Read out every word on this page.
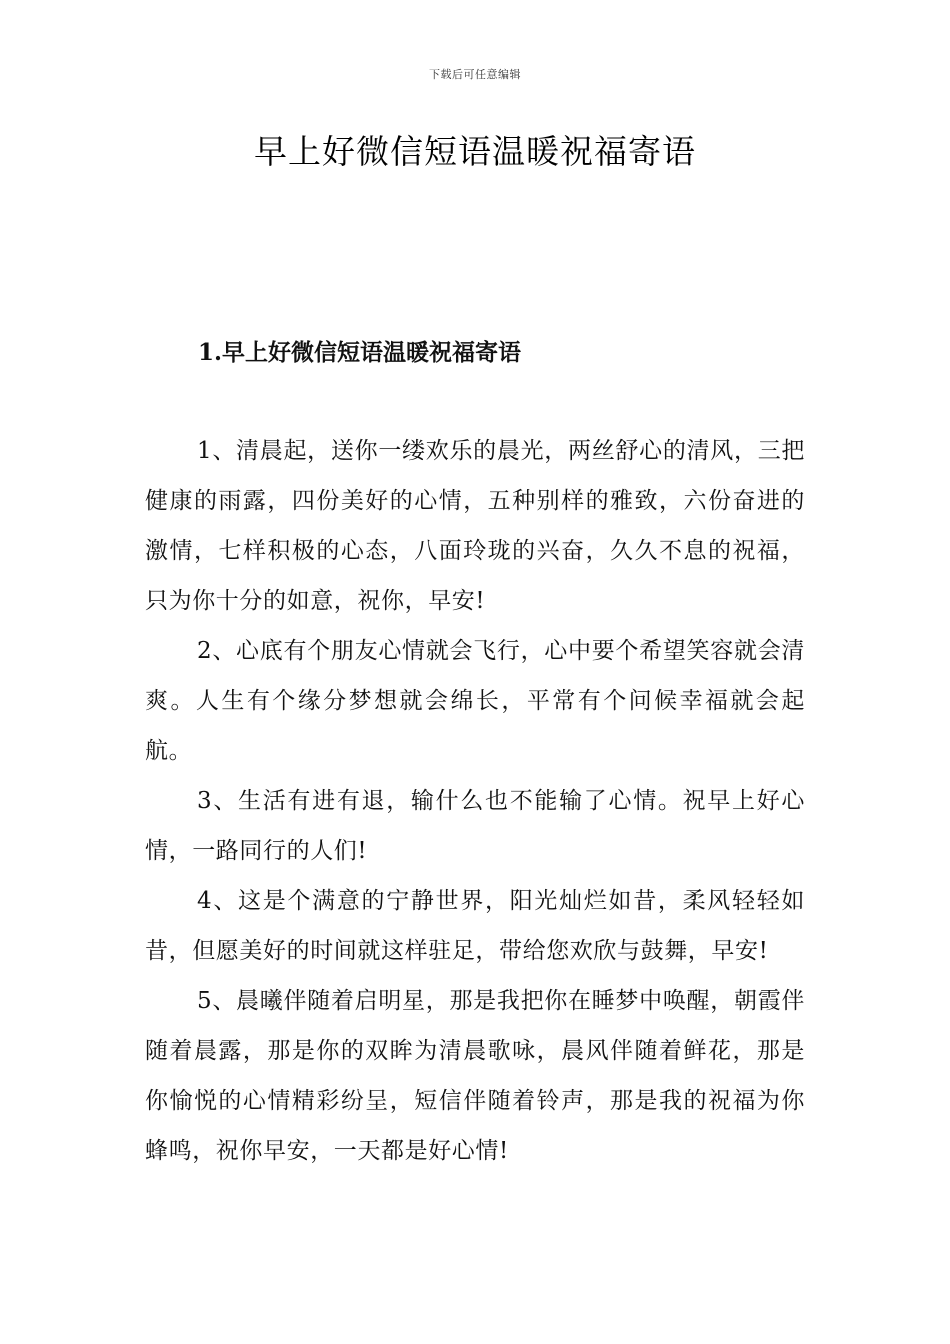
下载后可任意编辑
早上好微信短语温暖祝福寄语
1.早上好微信短语温暖祝福寄语

1、清晨起，送你一缕欢乐的晨光，两丝舒心的清风，三把健康的雨露，四份美好的心情，五种别样的雅致，六份奋进的激情，七样积极的心态，八面玲珑的兴奋，久久不息的祝福，只为你十分的如意，祝你，早安!

2、心底有个朋友心情就会飞行，心中要个希望笑容就会清爽。人生有个缘分梦想就会绵长，平常有个问候幸福就会起航。

3、生活有进有退，输什么也不能输了心情。祝早上好心情，一路同行的人们!

4、这是个满意的宁静世界，阳光灿烂如昔，柔风轻轻如昔，但愿美好的时间就这样驻足，带给您欢欣与鼓舞，早安!

5、晨曦伴随着启明星，那是我把你在睡梦中唤醒，朝霞伴随着晨露，那是你的双眸为清晨歌咏，晨风伴随着鲜花，那是你愉悦的心情精彩纷呈，短信伴随着铃声，那是我的祝福为你蜂鸣，祝你早安，一天都是好心情!
